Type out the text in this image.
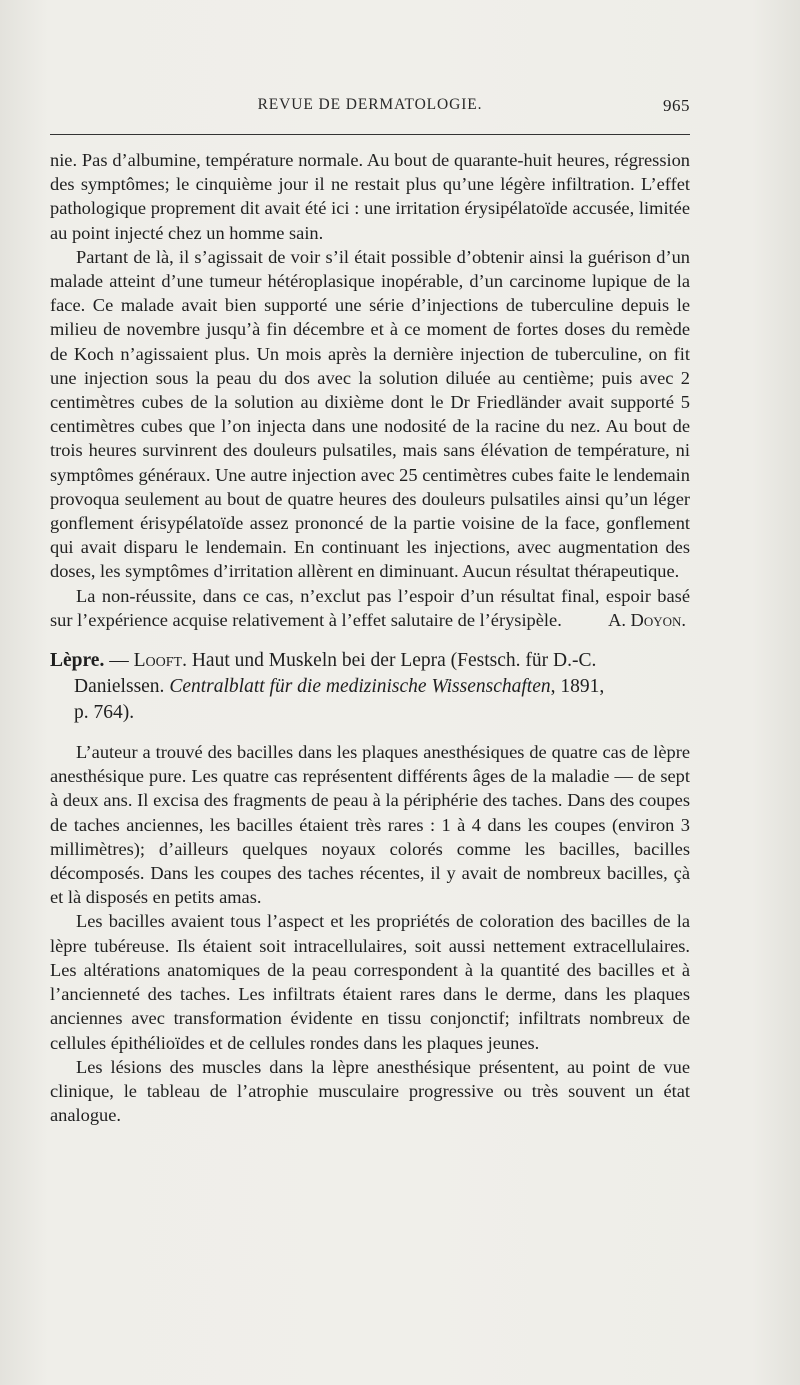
REVUE DE DERMATOLOGIE.	965

nie. Pas d’albumine, température normale. Au bout de quarante-huit heures, régression des symptômes; le cinquième jour il ne restait plus qu’une légère infiltration. L’effet pathologique proprement dit avait été ici : une irritation érysipélatoïde accusée, limitée au point injecté chez un homme sain.

Partant de là, il s’agissait de voir s’il était possible d’obtenir ainsi la guérison d’un malade atteint d’une tumeur hétéroplasique inopérable, d’un carcinome lupique de la face. Ce malade avait bien supporté une série d’injections de tuberculine depuis le milieu de novembre jusqu’à fin décembre et à ce moment de fortes doses du remède de Koch n’agissaient plus. Un mois après la dernière injection de tuberculine, on fit une injection sous la peau du dos avec la solution diluée au centième; puis avec 2 centimètres cubes de la solution au dixième dont le Dr Friedländer avait supporté 5 centimètres cubes que l’on injecta dans une nodosité de la racine du nez. Au bout de trois heures survinrent des douleurs pulsatiles, mais sans élévation de température, ni symptômes généraux. Une autre injection avec 25 centimètres cubes faite le lendemain provoqua seulement au bout de quatre heures des douleurs pulsatiles ainsi qu’un léger gonflement érisypélatoïde assez prononcé de la partie voisine de la face, gonflement qui avait disparu le lendemain. En continuant les injections, avec augmentation des doses, les symptômes d’irritation allèrent en diminuant. Aucun résultat thérapeutique.

La non-réussite, dans ce cas, n’exclut pas l’espoir d’un résultat final, espoir basé sur l’expérience acquise relativement à l’effet salutaire de l’érysipèle.	A. Doyon.

Lèpre. — Looft. Haut und Muskeln bei der Lepra (Festsch. für D.-C.
Danielssen. Centralblatt für die medizinische Wissenschaften, 1891,
p. 764).

L’auteur a trouvé des bacilles dans les plaques anesthésiques de quatre cas de lèpre anesthésique pure. Les quatre cas représentent différents âges de la maladie — de sept à deux ans. Il excisa des fragments de peau à la périphérie des taches. Dans des coupes de taches anciennes, les bacilles étaient très rares : 1 à 4 dans les coupes (environ 3 millimètres); d’ailleurs quelques noyaux colorés comme les bacilles, bacilles décomposés. Dans les coupes des taches récentes, il y avait de nombreux bacilles, çà et là disposés en petits amas.

Les bacilles avaient tous l’aspect et les propriétés de coloration des bacilles de la lèpre tubéreuse. Ils étaient soit intracellulaires, soit aussi nettement extracellulaires. Les altérations anatomiques de la peau correspondent à la quantité des bacilles et à l’ancienneté des taches. Les infiltrats étaient rares dans le derme, dans les plaques anciennes avec transformation évidente en tissu conjonctif; infiltrats nombreux de cellules épithélioïdes et de cellules rondes dans les plaques jeunes.

Les lésions des muscles dans la lèpre anesthésique présentent, au point de vue clinique, le tableau de l’atrophie musculaire progressive ou très souvent un état analogue.
